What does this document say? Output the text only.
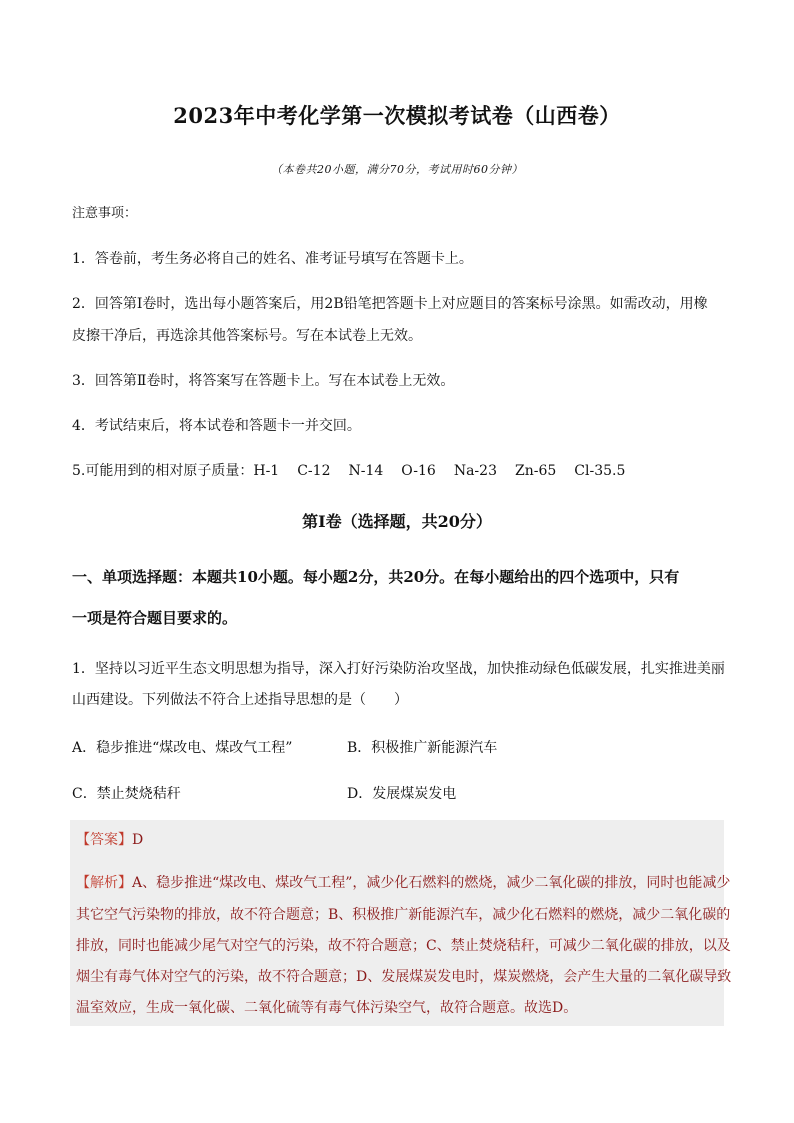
2023年中考化学第一次模拟考试卷（山西卷）
（本卷共20小题，满分70分，考试用时60分钟）
注意事项：
1．答卷前，考生务必将自己的姓名、准考证号填写在答题卡上。
2．回答第Ⅰ卷时，选出每小题答案后，用2B铅笔把答题卡上对应题目的答案标号涂黑。如需改动，用橡
皮擦干净后，再选涂其他答案标号。写在本试卷上无效。
3．回答第Ⅱ卷时，将答案写在答题卡上。写在本试卷上无效。
4．考试结束后，将本试卷和答题卡一并交回。
5.可能用到的相对原子质量：H-1 C-12 N-14 O-16 Na-23 Zn-65 Cl-35.5
第Ⅰ卷（选择题，共20分）
一、单项选择题：本题共10小题。每小题2分，共20分。在每小题给出的四个选项中，只有
一项是符合题目要求的。
1．坚持以习近平生态文明思想为指导，深入打好污染防治攻坚战，加快推动绿色低碳发展，扎实推进美丽
山西建设。下列做法不符合上述指导思想的是（　　）
A．稳步推进“煤改电、煤改气工程”	B．积极推广新能源汽车
C．禁止焚烧秸秆	D．发展煤炭发电
【答案】D
【解析】A、稳步推进“煤改电、煤改气工程”，减少化石燃料的燃烧，减少二氧化碳的排放，同时也能减少
其它空气污染物的排放，故不符合题意；B、积极推广新能源汽车，减少化石燃料的燃烧，减少二氧化碳的
排放，同时也能减少尾气对空气的污染，故不符合题意；C、禁止焚烧秸秆，可减少二氧化碳的排放，以及
烟尘有毒气体对空气的污染，故不符合题意；D、发展煤炭发电时，煤炭燃烧，会产生大量的二氧化碳导致
温室效应，生成一氧化碳、二氧化硫等有毒气体污染空气，故符合题意。故选D。
